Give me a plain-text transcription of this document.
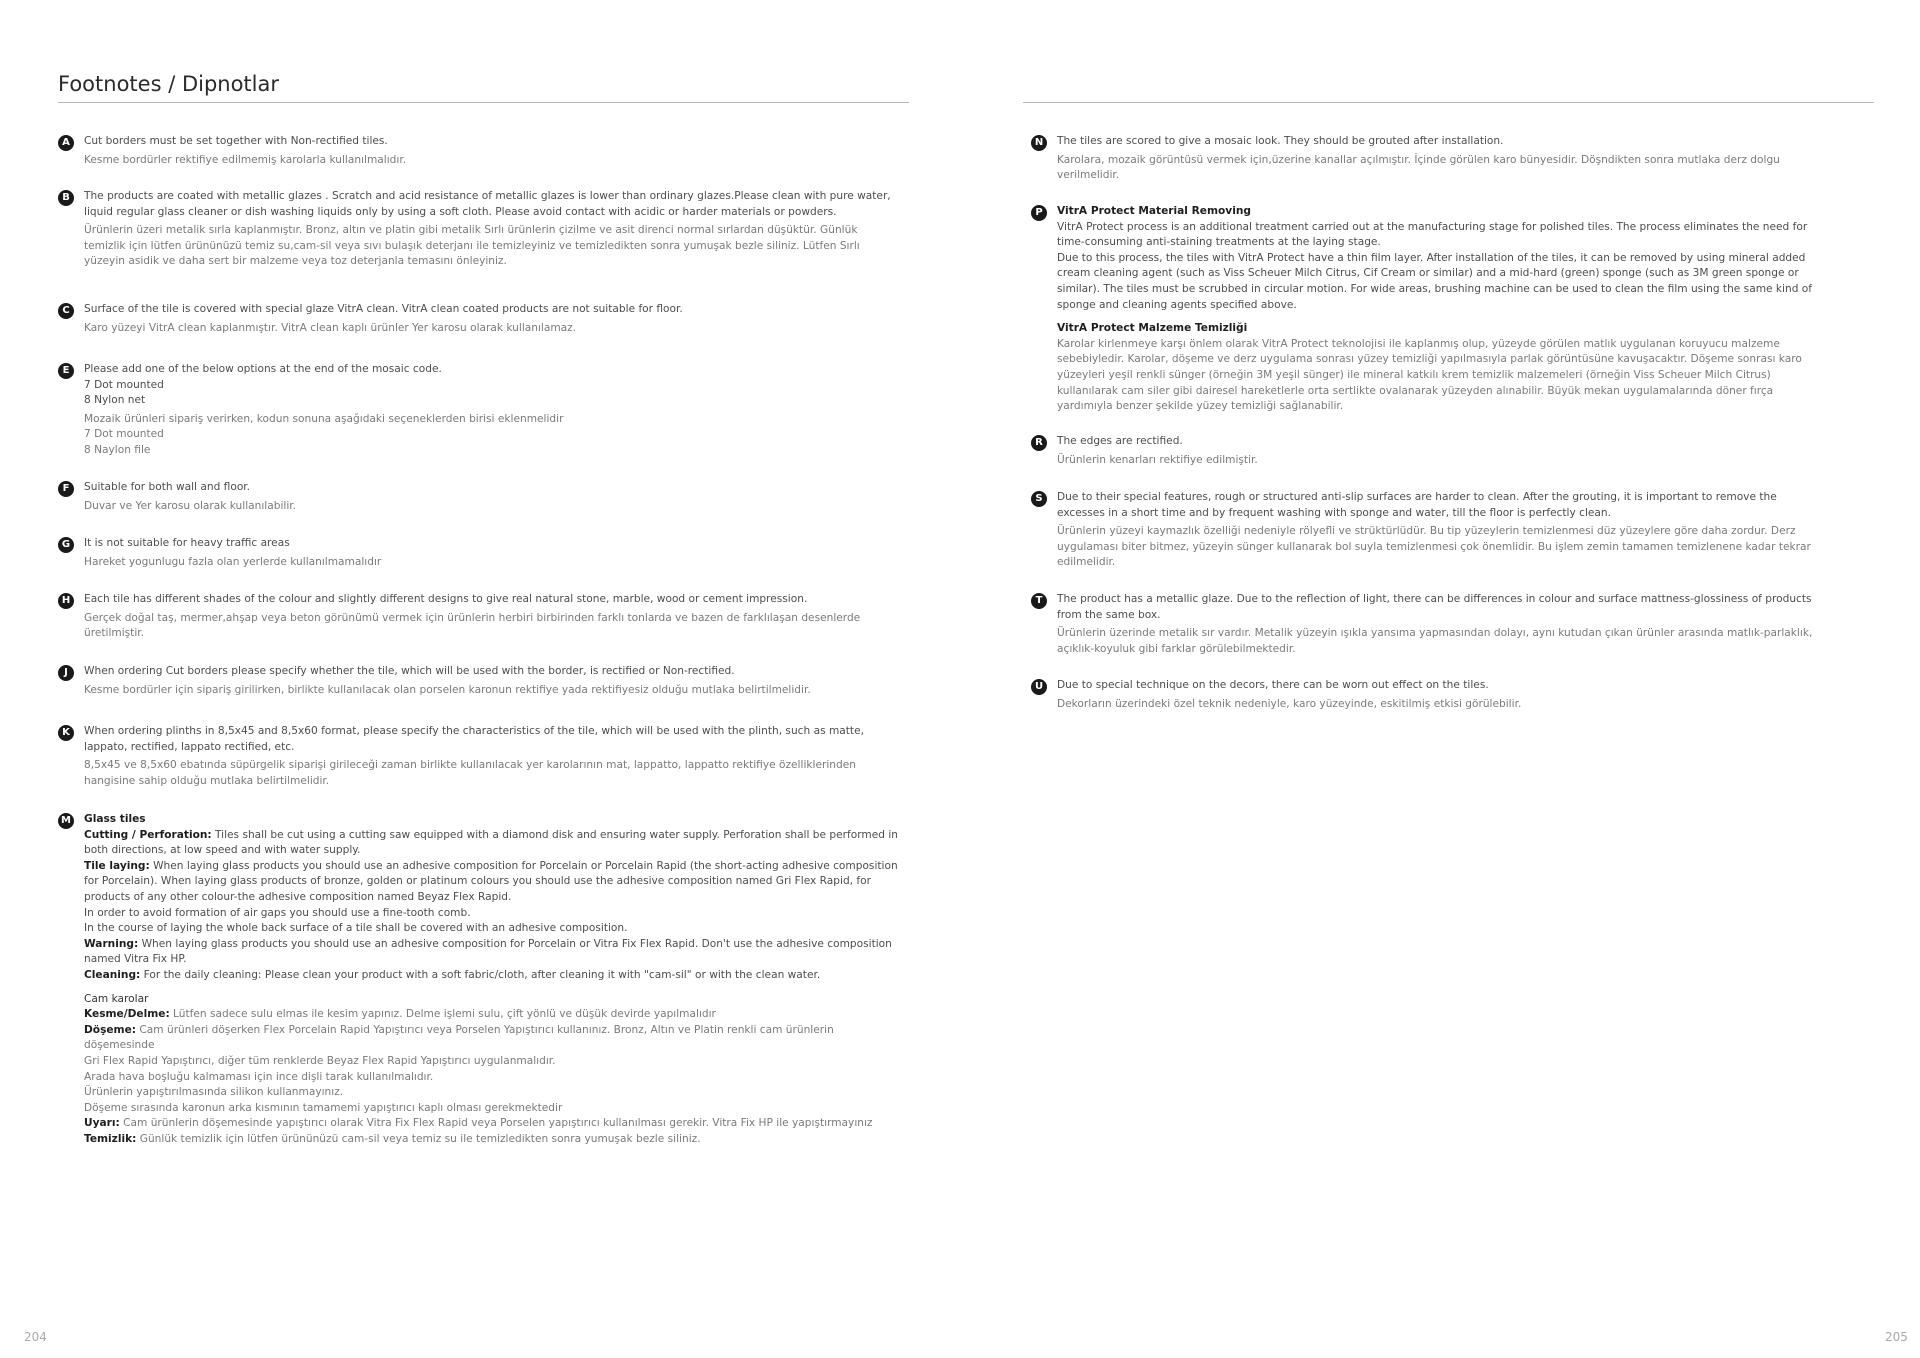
Footnotes / Dipnotlar
A	Cut borders must be set together with Non-rectified tiles.

Kesme bordürler rektifiye edilmemiş karolarla kullanılmalıdır.

B	The products are coated with metallic glazes . Scratch and acid resistance of metallic glazes is lower than ordinary glazes.Please clean with pure water, liquid regular glass cleaner or dish washing liquids only by using a soft cloth. Please avoid contact with acidic or harder materials or powders.

Ürünlerin üzeri metalik sırla kaplanmıştır. Bronz, altın ve platin gibi metalik Sırlı ürünlerin çizilme ve asit direnci normal sırlardan düşüktür. Günlük temizlik için lütfen ürününüzü temiz su,cam-sil veya sıvı bulaşık deterjanı ile temizleyiniz ve temizledikten sonra yumuşak bezle siliniz. Lütfen Sırlı yüzeyin asidik ve daha sert bir malzeme veya toz deterjanla temasını önleyiniz.

C	Surface of the tile is covered with special glaze VitrA clean. VitrA clean coated products are not suitable for floor.

Karo yüzeyi VitrA clean kaplanmıştır. VitrA clean kaplı ürünler Yer karosu olarak kullanılamaz.

E	Please add one of the below options at the end of the mosaic code.

7 Dot mounted

8 Nylon net

Mozaik ürünleri sipariş verirken, kodun sonuna aşağıdaki seçeneklerden birisi eklenmelidir

7 Dot mounted

8 Naylon file

F	Suitable for both wall and floor.

Duvar ve Yer karosu olarak kullanılabilir.

G	It is not suitable for heavy traffic areas

Hareket yogunlugu fazla olan yerlerde kullanılmamalıdır

H	Each tile has different shades of the colour and slightly different designs to give real natural stone, marble, wood or cement impression.

Gerçek doğal taş, mermer,ahşap veya beton görünümü vermek için ürünlerin herbiri birbirinden farklı tonlarda ve bazen de farklılaşan desenlerde üretilmiştir.

J	When ordering Cut borders please specify whether the tile, which will be used with the border, is rectified or Non-rectified.

Kesme bordürler için sipariş girilirken, birlikte kullanılacak olan porselen karonun rektifiye yada rektifiyesiz olduğu mutlaka belirtilmelidir.

K	When ordering plinths in 8,5x45 and 8,5x60 format, please specify the characteristics of the tile, which will be used with the plinth, such as matte, lappato, rectified, lappato rectified, etc.

8,5x45 ve 8,5x60 ebatında süpürgelik siparişi girileceği zaman birlikte kullanılacak yer karolarının mat, lappatto, lappatto rektifiye özelliklerinden hangisine sahip olduğu mutlaka belirtilmelidir.

M Glass tiles

Cutting / Perforation: Tiles shall be cut using a cutting saw equipped with a diamond disk and ensuring water supply. Perforation shall be performed in both directions, at low speed and with water supply.

Tile laying: When laying glass products you should use an adhesive composition for Porcelain or Porcelain Rapid (the short-acting adhesive composition for Porcelain). When laying glass products of bronze, golden or platinum colours you should use the adhesive composition named Gri Flex Rapid, for products of any other colour-the adhesive composition named Beyaz Flex Rapid.

In order to avoid formation of air gaps you should use a fine-tooth comb.

In the course of laying the whole back surface of a tile shall be covered with an adhesive composition.

Warning: When laying glass products you should use an adhesive composition for Porcelain or Vitra Fix Flex Rapid. Don't use the adhesive composition named Vitra Fix HP.

Cleaning: For the daily cleaning: Please clean your product with a soft fabric/cloth, after cleaning it with "cam-sil" or with the clean water.

Cam karolar

Kesme/Delme: Lütfen sadece sulu elmas ile kesim yapınız. Delme işlemi sulu, çift yönlü ve düşük devirde yapılmalıdır

Döşeme: Cam ürünleri döşerken Flex Porcelain Rapid Yapıştırıcı veya Porselen Yapıştırıcı kullanınız. Bronz, Altın ve Platin renkli cam ürünlerin döşemesinde

Gri Flex Rapid Yapıştırıcı, diğer tüm renklerde Beyaz Flex Rapid Yapıştırıcı uygulanmalıdır.

Arada hava boşluğu kalmaması için ince dişli tarak kullanılmalıdır.

Ürünlerin yapıştırılmasında silikon kullanmayınız.

Döşeme sırasında karonun arka kısmının tamamemi yapıştırıcı kaplı olması gerekmektedir

Uyarı: Cam ürünlerin döşemesinde yapıştırıcı olarak Vitra Fix Flex Rapid veya Porselen yapıştırıcı kullanılması gerekir. Vitra Fix HP ile yapıştırmayınız

Temizlik: Günlük temizlik için lütfen ürününüzü cam-sil veya temiz su ile temizledikten sonra yumuşak bezle siliniz.

204
N	The tiles are scored to give a mosaic look. They should be grouted after installation.

Karolara, mozaik görüntüsü vermek için,üzerine kanallar açılmıştır. İçinde görülen karo bünyesidir. Döşndikten sonra mutlaka derz dolgu verilmelidir.

P	VitrA Protect Material Removing

VitrA Protect process is an additional treatment carried out at the manufacturing stage for polished tiles. The process eliminates the need for time-consuming anti-staining treatments at the laying stage.

Due to this process, the tiles with VitrA Protect have a thin film layer. After installation of the tiles, it can be removed by using mineral added cream cleaning agent (such as Viss Scheuer Milch Citrus, Cif Cream or similar) and a mid-hard (green) sponge (such as 3M green sponge or similar). The tiles must be scrubbed in circular motion. For wide areas, brushing machine can be used to clean the film using the same kind of sponge and cleaning agents specified above.

VitrA Protect Malzeme Temizliği

Karolar kirlenmeye karşı önlem olarak VitrA Protect teknolojisi ile kaplanmış olup, yüzeyde görülen matlık uygulanan koruyucu malzeme sebebiyledir. Karolar, döşeme ve derz uygulama sonrası yüzey temizliği yapılmasıyla parlak görüntüsüne kavuşacaktır. Döşeme sonrası karo yüzeyleri yeşil renkli sünger (örneğin 3M yeşil sünger) ile mineral katkılı krem temizlik malzemeleri (örneğin Viss Scheuer Milch Citrus) kullanılarak cam siler gibi dairesel hareketlerle orta sertlikte ovalanarak yüzeyden alınabilir. Büyük mekan uygulamalarında döner fırça yardımıyla benzer şekilde yüzey temizliği sağlanabilir.

R	The edges are rectified.

Ürünlerin kenarları rektifiye edilmiştir.

S	Due to their special features, rough or structured anti-slip surfaces are harder to clean. After the grouting, it is important to remove the excesses in a short time and by frequent washing with sponge and water, till the floor is perfectly clean.

Ürünlerin yüzeyi kaymazlık özelliği nedeniyle rölyefli ve strüktürlüdür. Bu tip yüzeylerin temizlenmesi düz yüzeylere göre daha zordur. Derz uygulaması biter bitmez, yüzeyin sünger kullanarak bol suyla temizlenmesi çok önemlidir. Bu işlem zemin tamamen temizlenene kadar tekrar edilmelidir.

T	The product has a metallic glaze. Due to the reflection of light, there can be differences in colour and surface mattness-glossiness of products from the same box.

Ürünlerin üzerinde metalik sır vardır. Metalik yüzeyin ışıkla yansıma yapmasından dolayı, aynı kutudan çıkan ürünler arasında matlık-parlaklık, açıklık-koyuluk gibi farklar görülebilmektedir.

U	Due to special technique on the decors, there can be worn out effect on the tiles.

Dekorların üzerindeki özel teknik nedeniyle, karo yüzeyinde, eskitilmiş etkisi görülebilir.

205
